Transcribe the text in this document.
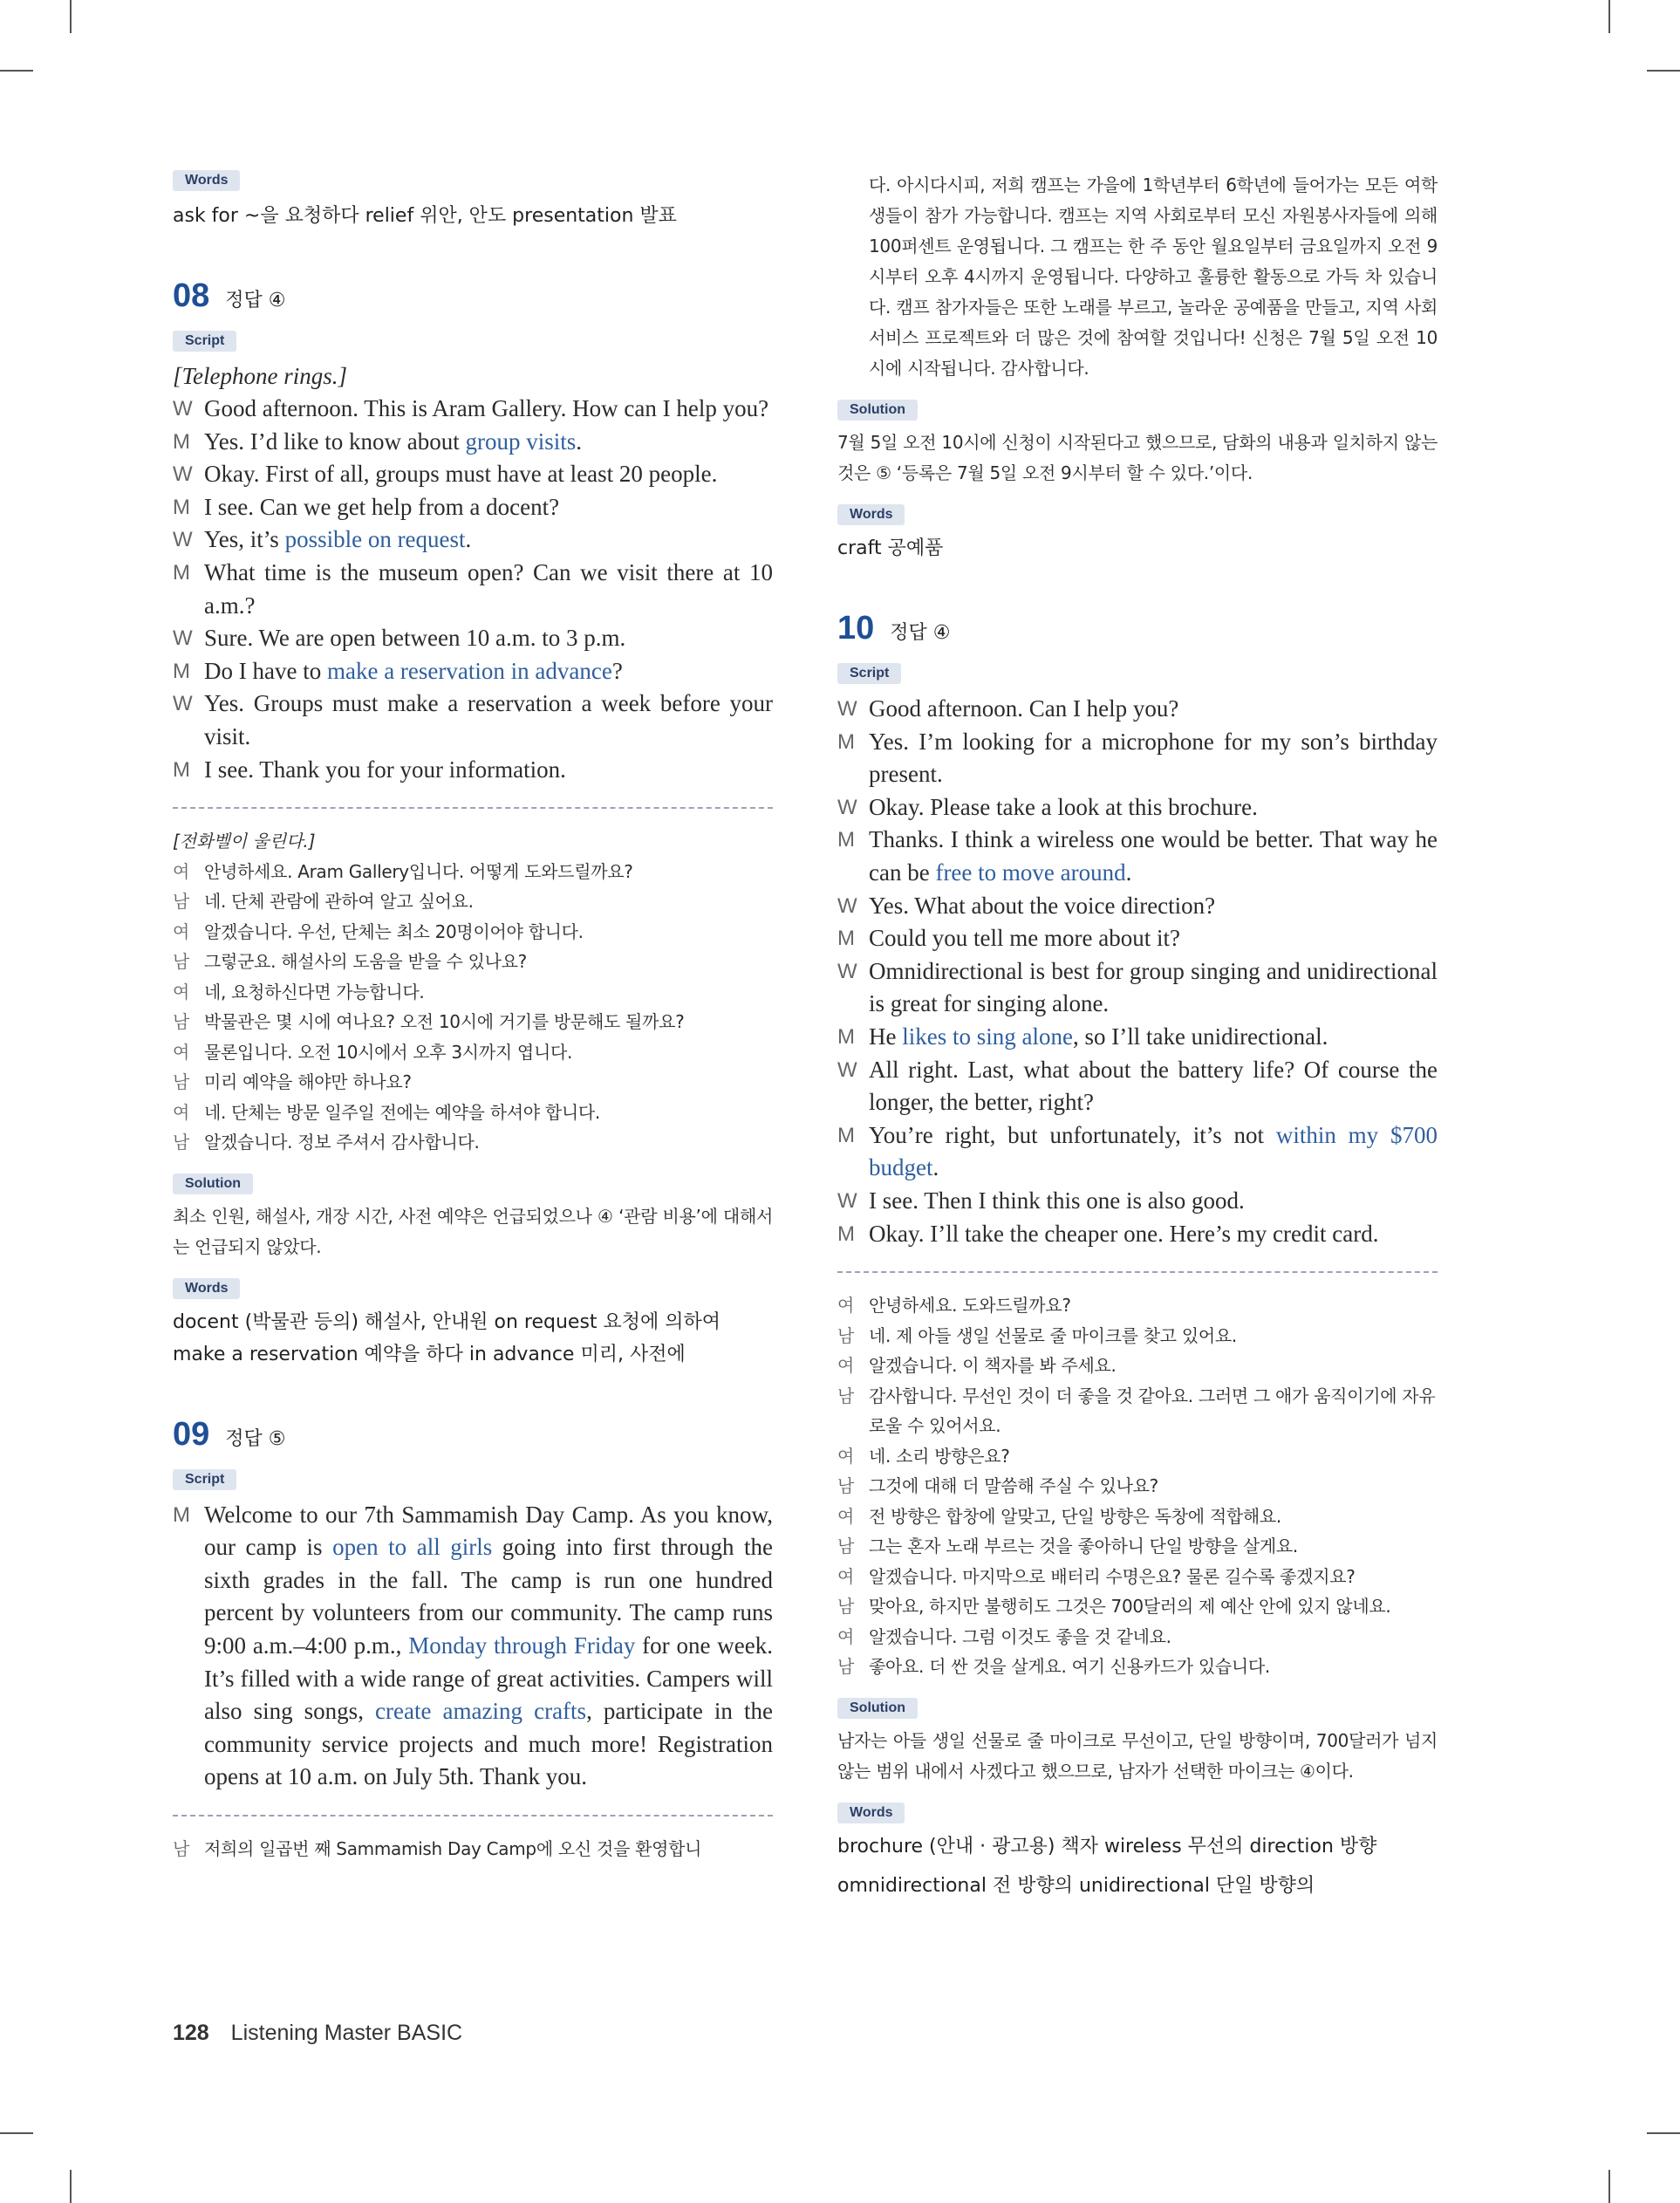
Words
ask for ~을 요청하다 relief 위안, 안도 presentation 발표
08 정답 ④
Script
[Telephone rings.]
W Good afternoon. This is Aram Gallery. How can I help you?
M Yes. I’d like to know about group visits.
W Okay. First of all, groups must have at least 20 people.
M I see. Can we get help from a docent?
W Yes, it’s possible on request.
M What time is the museum open? Can we visit there at 10 a.m.?
W Sure. We are open between 10 a.m. to 3 p.m.
M Do I have to make a reservation in advance?
W Yes. Groups must make a reservation a week before your visit.
M I see. Thank you for your information.
[전화벨이 울린다.]
여 안녕하세요. Aram Gallery입니다. 어떻게 도와드릴까요?
남 네. 단체 관람에 관하여 알고 싶어요.
여 알겠습니다. 우선, 단체는 최소 20명이어야 합니다.
남 그렇군요. 해설사의 도움을 받을 수 있나요?
여 네, 요청하신다면 가능합니다.
남 박물관은 몇 시에 여나요? 오전 10시에 거기를 방문해도 될까요?
여 물론입니다. 오전 10시에서 오후 3시까지 엽니다.
남 미리 예약을 해야만 하나요?
여 네. 단체는 방문 일주일 전에는 예약을 하셔야 합니다.
남 알겠습니다. 정보 주셔서 감사합니다.
Solution
최소 인원, 해설사, 개장 시간, 사전 예약은 언급되었으나 ④ ‘관람 비용’에 대해서는 언급되지 않았다.
Words
docent (박물관 등의) 해설사, 안내원 on request 요청에 의하여
make a reservation 예약을 하다 in advance 미리, 사전에
09 정답 ⑤
Script
M Welcome to our 7th Sammamish Day Camp. As you know, our camp is open to all girls going into first through the sixth grades in the fall. The camp is run one hundred percent by volunteers from our community. The camp runs 9:00 a.m.–4:00 p.m., Monday through Friday for one week. It’s filled with a wide range of great activities. Campers will also sing songs, create amazing crafts, participate in the community service projects and much more! Registration opens at 10 a.m. on July 5th. Thank you.
남 저희의 일곱번 째 Sammamish Day Camp에 오신 것을 환영합니
다. 아시다시피, 저희 캠프는 가을에 1학년부터 6학년에 들어가는 모든 여학생들이 참가 가능합니다. 캠프는 지역 사회로부터 모신 자원봉사자들에 의해 100퍼센트 운영됩니다. 그 캠프는 한 주 동안 월요일부터 금요일까지 오전 9시부터 오후 4시까지 운영됩니다. 다양하고 훌륭한 활동으로 가득 차 있습니다. 캠프 참가자들은 또한 노래를 부르고, 놀라운 공예품을 만들고, 지역 사회 서비스 프로젝트와 더 많은 것에 참여할 것입니다! 신청은 7월 5일 오전 10시에 시작됩니다. 감사합니다.
Solution
7월 5일 오전 10시에 신청이 시작된다고 했으므로, 담화의 내용과 일치하지 않는 것은 ⑤ ‘등록은 7월 5일 오전 9시부터 할 수 있다.’이다.
Words
craft 공예품
10 정답 ④
Script
W Good afternoon. Can I help you?
M Yes. I’m looking for a microphone for my son’s birthday present.
W Okay. Please take a look at this brochure.
M Thanks. I think a wireless one would be better. That way he can be free to move around.
W Yes. What about the voice direction?
M Could you tell me more about it?
W Omnidirectional is best for group singing and unidirectional is great for singing alone.
M He likes to sing alone, so I’ll take unidirectional.
W All right. Last, what about the battery life? Of course the longer, the better, right?
M You’re right, but unfortunately, it’s not within my $700 budget.
W I see. Then I think this one is also good.
M Okay. I’ll take the cheaper one. Here’s my credit card.
여 안녕하세요. 도와드릴까요?
남 네. 제 아들 생일 선물로 줄 마이크를 찾고 있어요.
여 알겠습니다. 이 책자를 봐 주세요.
남 감사합니다. 무선인 것이 더 좋을 것 같아요. 그러면 그 애가 움직이기에 자유로울 수 있어서요.
여 네. 소리 방향은요?
남 그것에 대해 더 말씀해 주실 수 있나요?
여 전 방향은 합창에 알맞고, 단일 방향은 독창에 적합해요.
남 그는 혼자 노래 부르는 것을 좋아하니 단일 방향을 살게요.
여 알겠습니다. 마지막으로 배터리 수명은요? 물론 길수록 좋겠지요?
남 맞아요, 하지만 불행히도 그것은 700달러의 제 예산 안에 있지 않네요.
여 알겠습니다. 그럼 이것도 좋을 것 같네요.
남 좋아요. 더 싼 것을 살게요. 여기 신용카드가 있습니다.
Solution
남자는 아들 생일 선물로 줄 마이크로 무선이고, 단일 방향이며, 700달러가 넘지 않는 범위 내에서 사겠다고 했으므로, 남자가 선택한 마이크는 ④이다.
Words
brochure (안내 · 광고용) 책자 wireless 무선의 direction 방향
omnidirectional 전 방향의 unidirectional 단일 방향의
128 Listening Master BASIC
